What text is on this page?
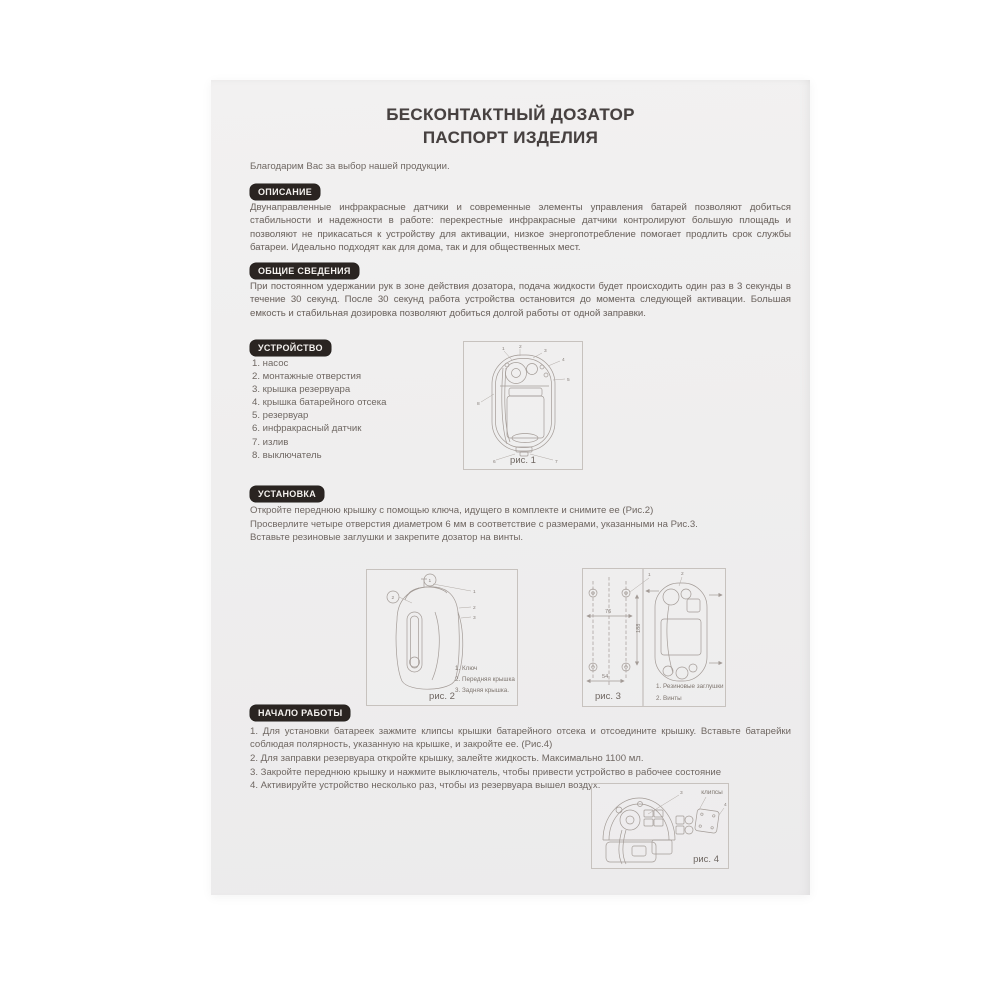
БЕСКОНТАКТНЫЙ ДОЗАТОР
ПАСПОРТ ИЗДЕЛИЯ
Благодарим Вас за выбор нашей продукции.
ОПИСАНИЕ

Двунаправленные инфракрасные датчики и современные элементы управления батарей позволяют добиться стабильности и надежности в работе: перекрестные инфракрасные датчики контролируют большую площадь и позволяют не прикасаться к устройству для активации, низкое энергопотребление помогает продлить срок службы батареи. Идеально подходят как для дома, так и для общественных мест.

ОБЩИЕ СВЕДЕНИЯ

При постоянном удержании рук в зоне действия дозатора, подача жидкости будет происходить один раз в 3 секунды в течение 30 секунд. После 30 секунд работа устройства остановится до момента следующей активации. Большая емкость и стабильная дозировка позволяют добиться долгой работы от одной заправки.

УСТРОЙСТВО
1. насос
2. монтажные отверстия
3. крышка резервуара
4. крышка батарейного отсека
5. резервуар
6. инфракрасный датчик
7. излив
8. выключатель
1	2
3
4
5
6	7
8
рис. 1
УСТАНОВКА
Откройте переднюю крышку с помощью ключа, идущего в комплекте и снимите ее (Рис.2)
Просверлите четыре отверстия диаметром 6 мм в соответствие с размерами, указанными на Рис.3.
Вставьте резиновые заглушки и закрепите дозатор на винты.
1
2
1
2
3
1. Ключ
2. Передняя крышка
3. Задняя крышка.
рис. 2
1	2
76
188
54
1. Резиновые заглушки
2. Винты
рис. 3
НАЧАЛО РАБОТЫ
1. Для установки батареек зажмите клипсы крышки батарейного отсека и отсоедините крышку. Вставьте батарейки соблюдая полярность, указанную на крышке, и закройте ее. (Рис.4)
2. Для заправки резервуара откройте крышку, залейте жидкость. Максимально 1100 мл.
3. Закройте переднюю крышку и нажмите выключатель, чтобы привести устройство в рабочее состояние
4. Активируйте устройство несколько раз, чтобы из резервуара вышел воздух.
клипсы
3
4
рис. 4
